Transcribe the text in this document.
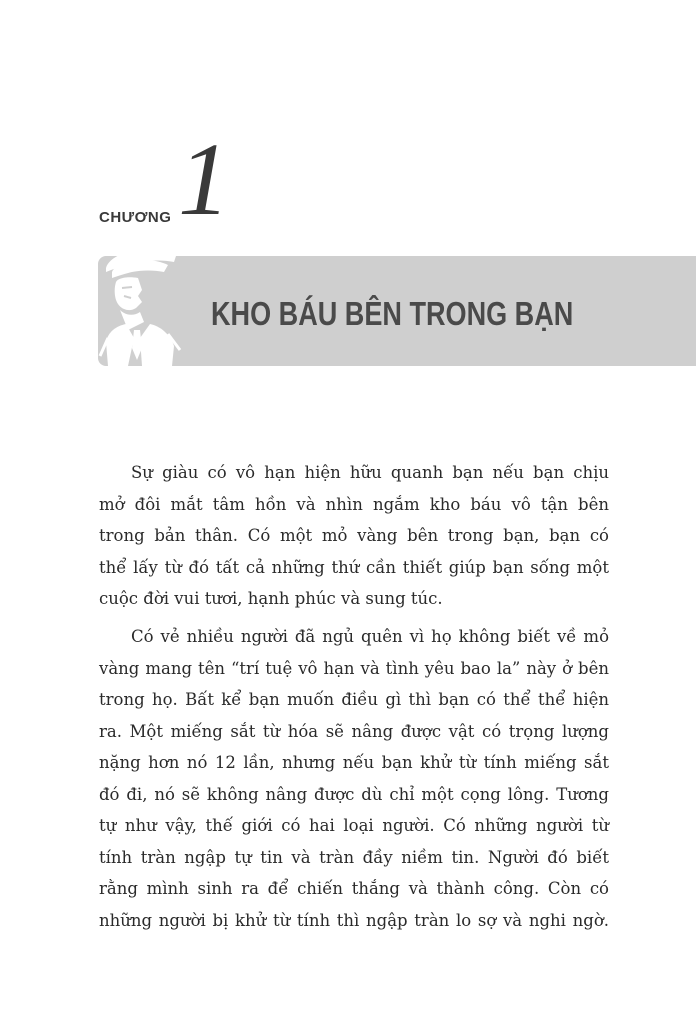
CHƯƠNG 1
KHO BÁU BÊN TRONG BẠN
Sự giàu có vô hạn hiện hữu quanh bạn nếu bạn chịu
mở đôi mắt tâm hồn và nhìn ngắm kho báu vô tận bên
trong bản thân. Có một mỏ vàng bên trong bạn, bạn có
thể lấy từ đó tất cả những thứ cần thiết giúp bạn sống một
cuộc đời vui tươi, hạnh phúc và sung túc.
Có vẻ nhiều người đã ngủ quên vì họ không biết về mỏ
vàng mang tên “trí tuệ vô hạn và tình yêu bao la” này ở bên
trong họ. Bất kể bạn muốn điều gì thì bạn có thể thể hiện
ra. Một miếng sắt từ hóa sẽ nâng được vật có trọng lượng
nặng hơn nó 12 lần, nhưng nếu bạn khử từ tính miếng sắt
đó đi, nó sẽ không nâng được dù chỉ một cọng lông. Tương
tự như vậy, thế giới có hai loại người. Có những người từ
tính tràn ngập tự tin và tràn đầy niềm tin. Người đó biết
rằng mình sinh ra để chiến thắng và thành công. Còn có
những người bị khử từ tính thì ngập tràn lo sợ và nghi ngờ.
